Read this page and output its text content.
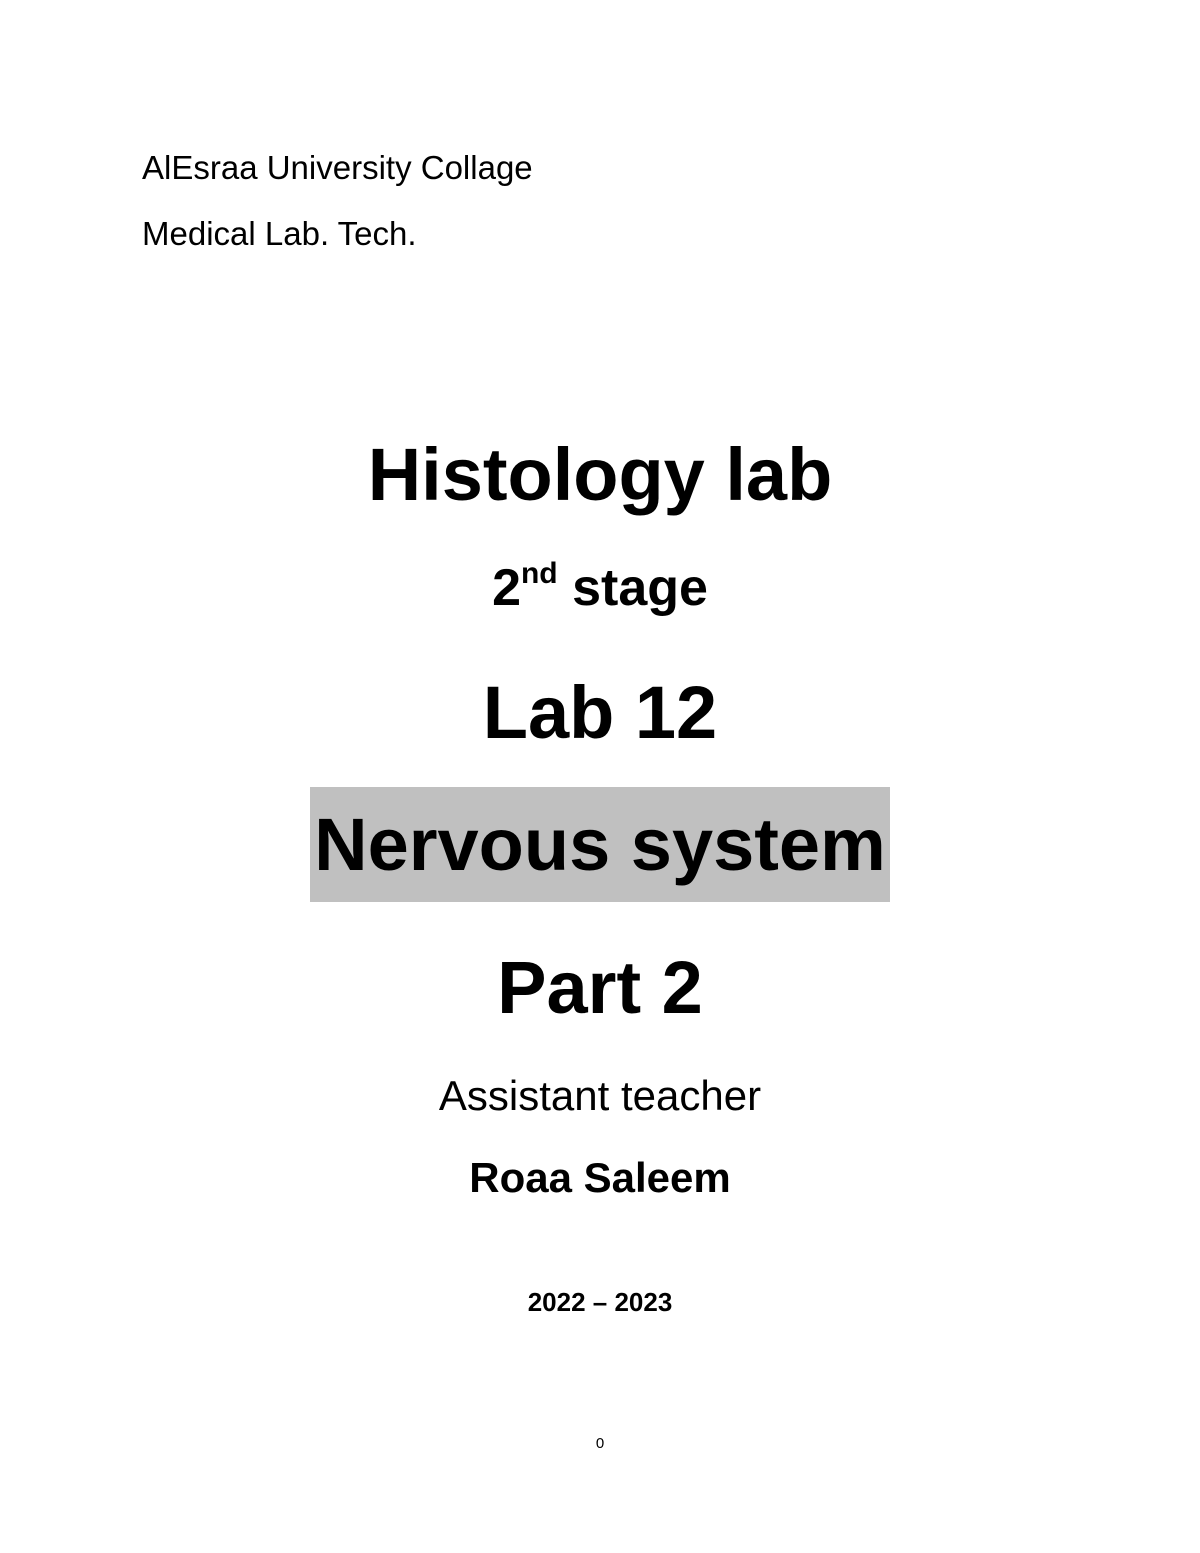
AlEsraa University Collage
Medical Lab. Tech.
Histology lab
2nd stage
Lab 12
Nervous system
Part 2
Assistant teacher
Roaa Saleem
2022 – 2023
0
